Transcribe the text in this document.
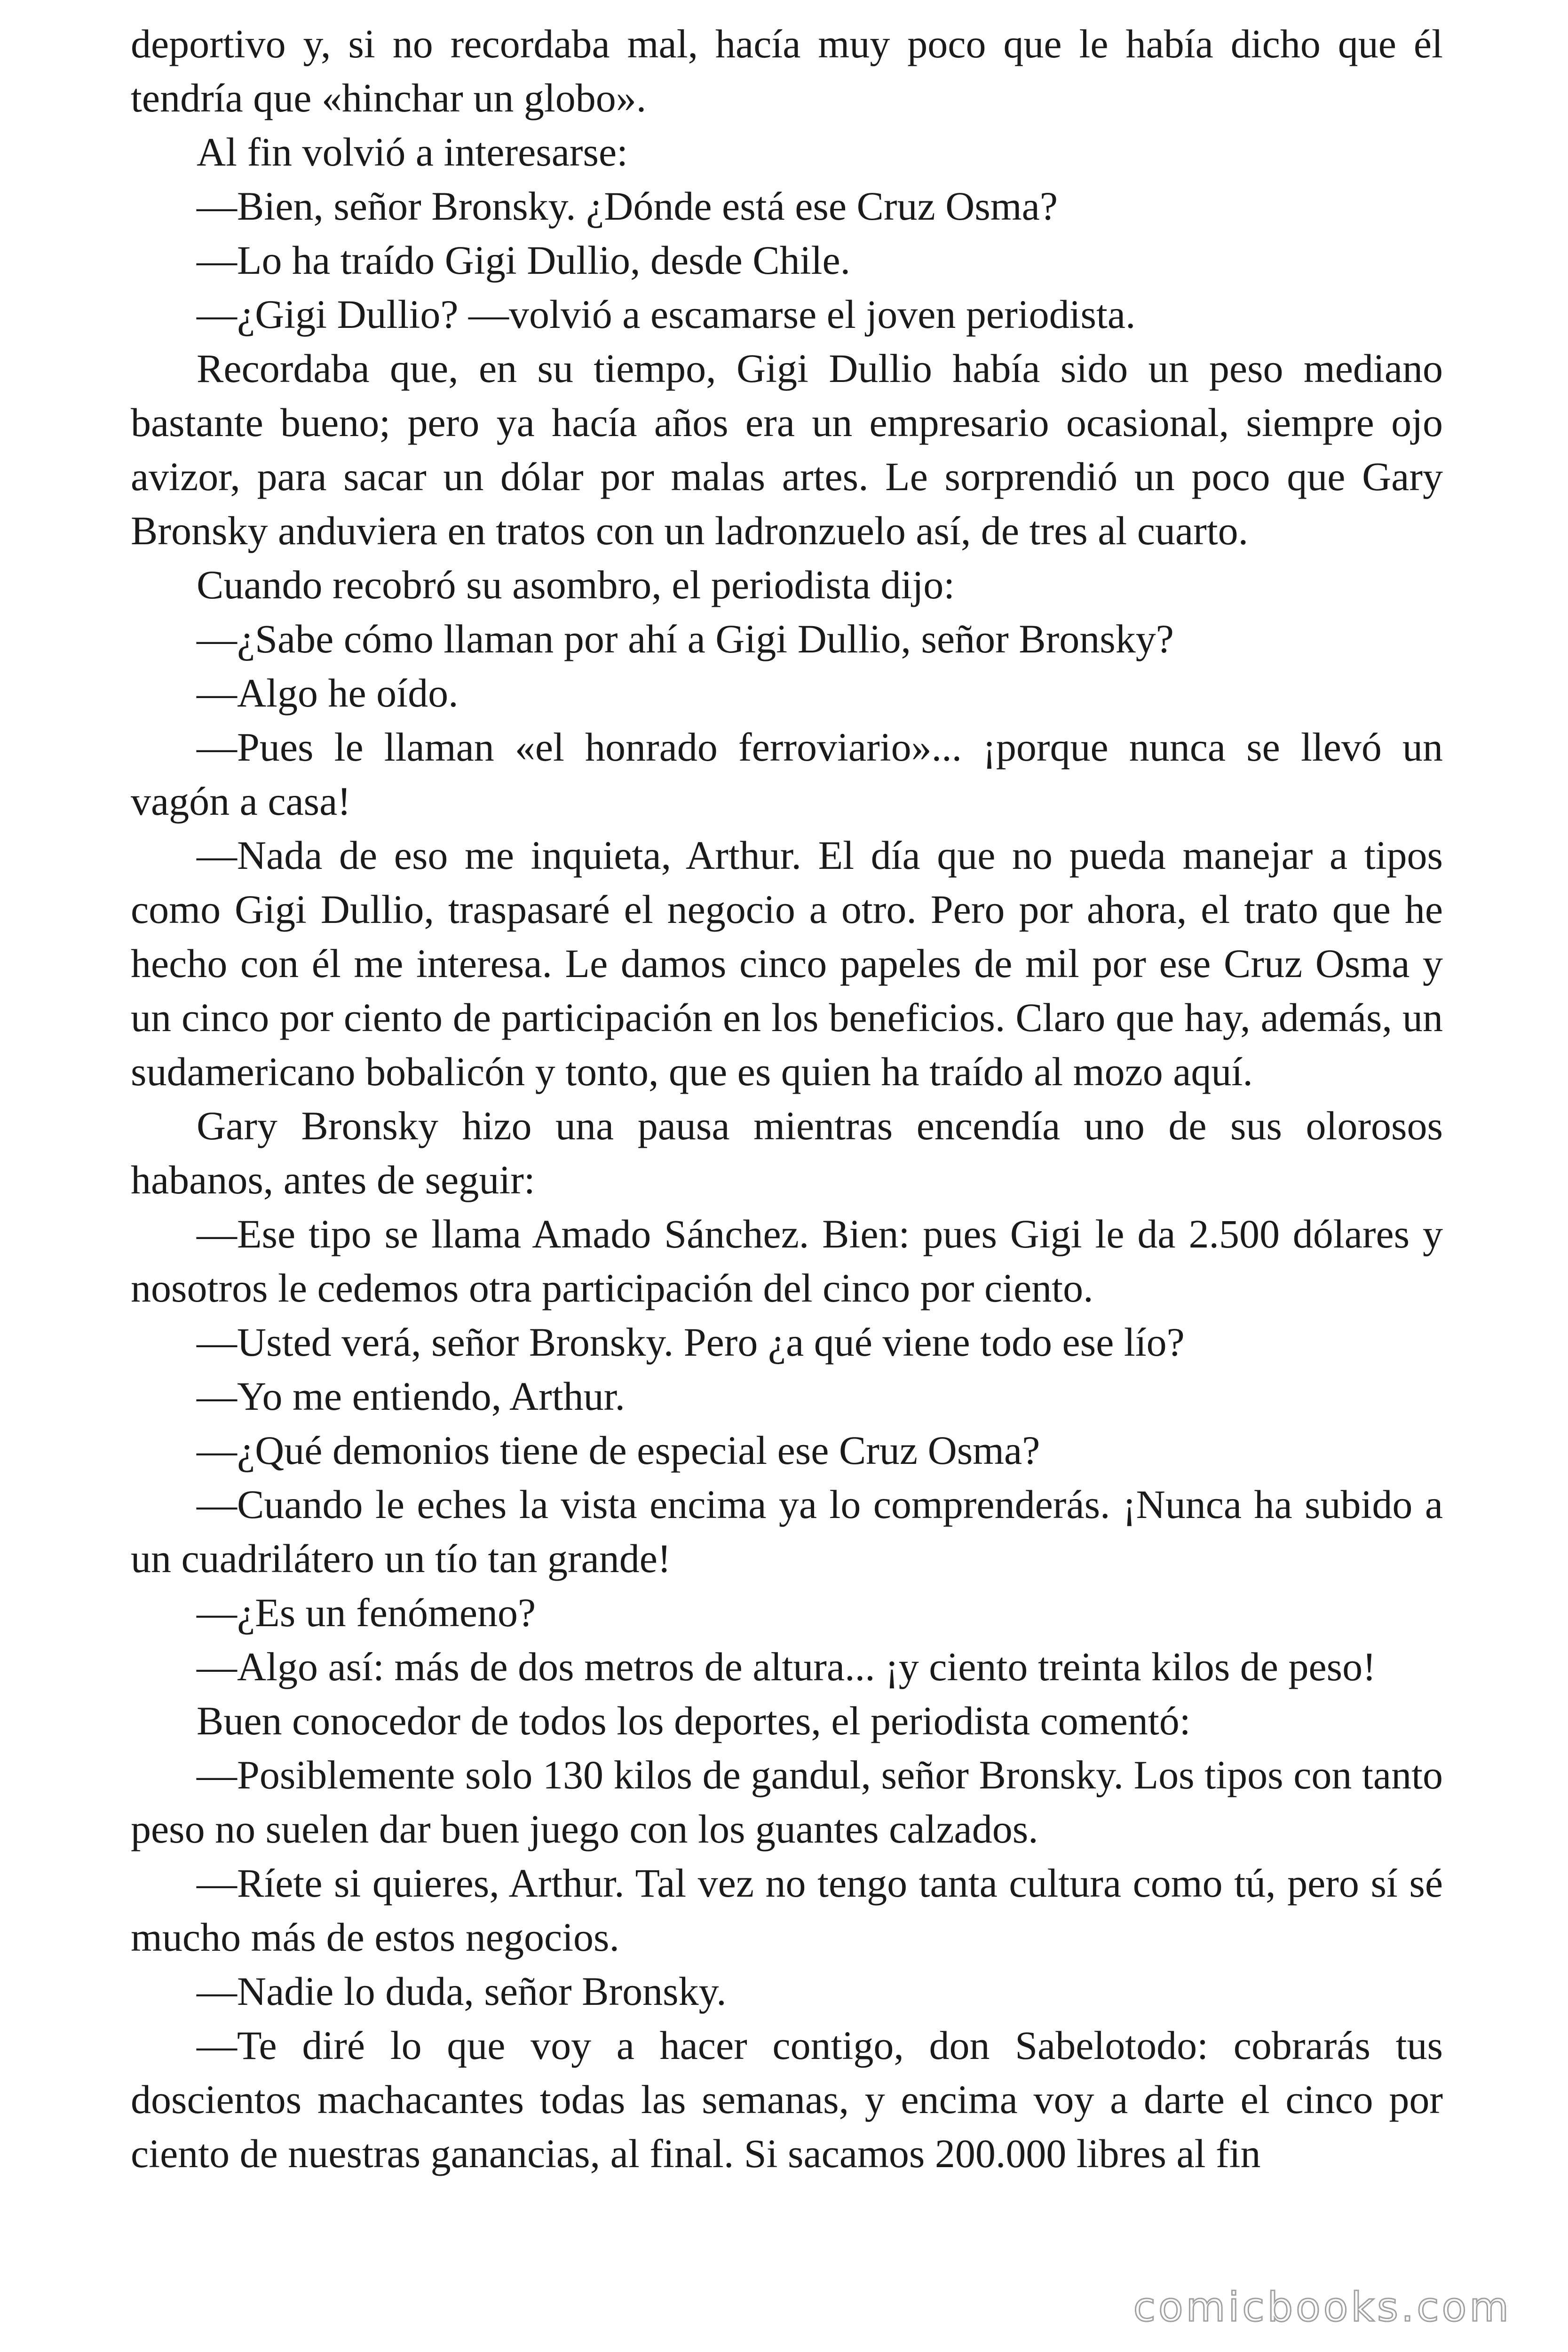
deportivo y, si no recordaba mal, hacía muy poco que le había dicho que él tendría que «hinchar un globo».

Al fin volvió a interesarse:

—Bien, señor Bronsky. ¿Dónde está ese Cruz Osma?

—Lo ha traído Gigi Dullio, desde Chile.

—¿Gigi Dullio? —volvió a escamarse el joven periodista.

Recordaba que, en su tiempo, Gigi Dullio había sido un peso mediano bastante bueno; pero ya hacía años era un empresario ocasional, siempre ojo avizor, para sacar un dólar por malas artes. Le sorprendió un poco que Gary Bronsky anduviera en tratos con un ladronzuelo así, de tres al cuarto.

Cuando recobró su asombro, el periodista dijo:

—¿Sabe cómo llaman por ahí a Gigi Dullio, señor Bronsky?

—Algo he oído.

—Pues le llaman «el honrado ferroviario»... ¡porque nunca se llevó un vagón a casa!

—Nada de eso me inquieta, Arthur. El día que no pueda manejar a tipos como Gigi Dullio, traspasaré el negocio a otro. Pero por ahora, el trato que he hecho con él me interesa. Le damos cinco papeles de mil por ese Cruz Osma y un cinco por ciento de participación en los beneficios. Claro que hay, además, un sudamericano bobalicón y tonto, que es quien ha traído al mozo aquí.

Gary Bronsky hizo una pausa mientras encendía uno de sus olorosos habanos, antes de seguir:

—Ese tipo se llama Amado Sánchez. Bien: pues Gigi le da 2.500 dólares y nosotros le cedemos otra participación del cinco por ciento.

—Usted verá, señor Bronsky. Pero ¿a qué viene todo ese lío?

—Yo me entiendo, Arthur.

—¿Qué demonios tiene de especial ese Cruz Osma?

—Cuando le eches la vista encima ya lo comprenderás. ¡Nunca ha subido a un cuadrilátero un tío tan grande!

—¿Es un fenómeno?

—Algo así: más de dos metros de altura... ¡y ciento treinta kilos de peso!

Buen conocedor de todos los deportes, el periodista comentó:

—Posiblemente solo 130 kilos de gandul, señor Bronsky. Los tipos con tanto peso no suelen dar buen juego con los guantes calzados.

—Ríete si quieres, Arthur. Tal vez no tengo tanta cultura como tú, pero sí sé mucho más de estos negocios.

—Nadie lo duda, señor Bronsky.

—Te diré lo que voy a hacer contigo, don Sabelotodo: cobrarás tus doscientos machacantes todas las semanas, y encima voy a darte el cinco por ciento de nuestras ganancias, al final. Si sacamos 200.000 libres al fin

comicbooks.com
